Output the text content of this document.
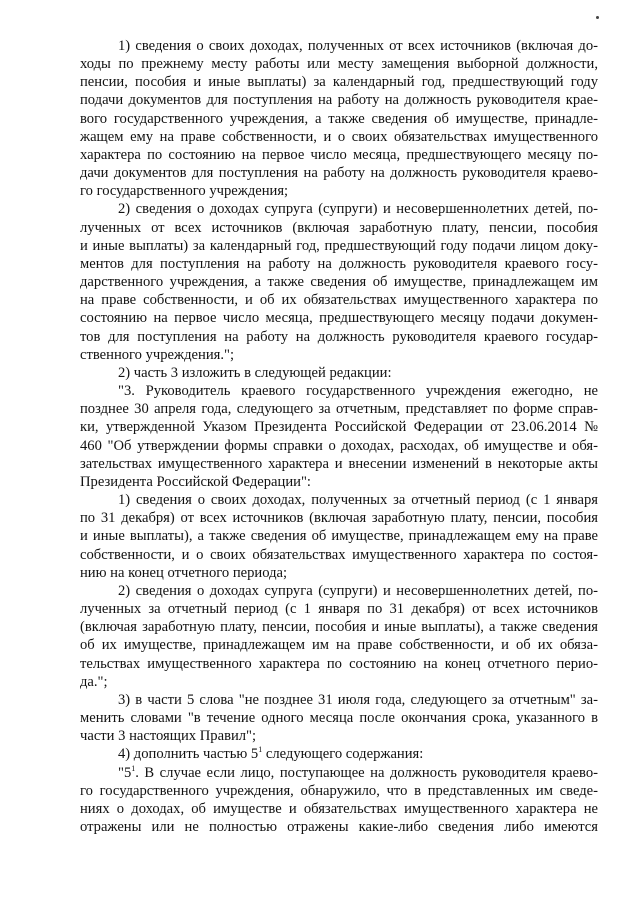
1) сведения о своих доходах, полученных от всех источников (включая до-
ходы по прежнему месту работы или месту замещения выборной должности,
пенсии, пособия и иные выплаты) за календарный год, предшествующий году
подачи документов для поступления на работу на должность руководителя крае-
вого государственного учреждения, а также сведения об имуществе, принадле-
жащем ему на праве собственности, и о своих обязательствах имущественного
характера по состоянию на первое число месяца, предшествующего месяцу по-
дачи документов для поступления на работу на должность руководителя краево-
го государственного учреждения;
2) сведения о доходах супруга (супруги) и несовершеннолетних детей, по-
лученных от всех источников (включая заработную плату, пенсии, пособия
и иные выплаты) за календарный год, предшествующий году подачи лицом доку-
ментов для поступления на работу на должность руководителя краевого госу-
дарственного учреждения, а также сведения об имуществе, принадлежащем им
на праве собственности, и об их обязательствах имущественного характера по
состоянию на первое число месяца, предшествующего месяцу подачи докумен-
тов для поступления на работу на должность руководителя краевого государ-
ственного учреждения.";
2) часть 3 изложить в следующей редакции:
"3. Руководитель краевого государственного учреждения ежегодно, не
позднее 30 апреля года, следующего за отчетным, представляет по форме справ-
ки, утвержденной Указом Президента Российской Федерации от 23.06.2014 №
460 "Об утверждении формы справки о доходах, расходах, об имуществе и обя-
зательствах имущественного характера и внесении изменений в некоторые акты
Президента Российской Федерации":
1) сведения о своих доходах, полученных за отчетный период (с 1 января
по 31 декабря) от всех источников (включая заработную плату, пенсии, пособия
и иные выплаты), а также сведения об имуществе, принадлежащем ему на праве
собственности, и о своих обязательствах имущественного характера по состоя-
нию на конец отчетного периода;
2) сведения о доходах супруга (супруги) и несовершеннолетних детей, по-
лученных за отчетный период (с 1 января по 31 декабря) от всех источников
(включая заработную плату, пенсии, пособия и иные выплаты), а также сведения
об их имуществе, принадлежащем им на праве собственности, и об их обяза-
тельствах имущественного характера по состоянию на конец отчетного перио-
да.";
3) в части 5 слова "не позднее 31 июля года, следующего за отчетным" за-
менить словами "в течение одного месяца после окончания срока, указанного в
части 3 настоящих Правил";
4) дополнить частью $5^1$ следующего содержания:
"$5^1$. В случае если лицо, поступающее на должность руководителя краево-
го государственного учреждения, обнаружило, что в представленных им сведе-
ниях о доходах, об имуществе и обязательствах имущественного характера не
отражены или не полностью отражены какие-либо сведения либо имеются
